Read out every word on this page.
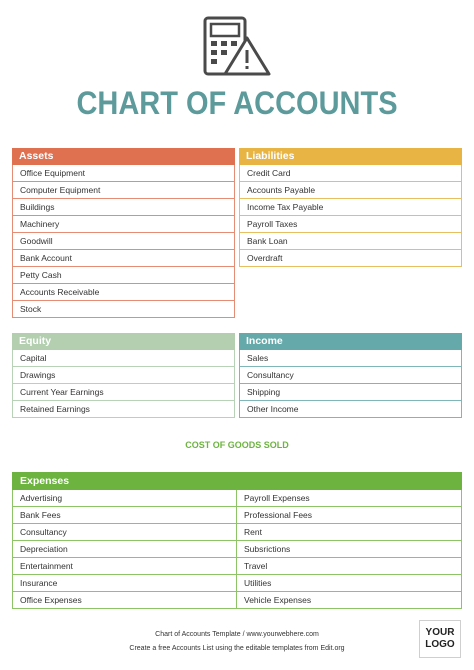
CHART OF ACCOUNTS
Assets
Office Equipment
Computer Equipment
Buildings
Machinery
Goodwill
Bank Account
Petty Cash
Accounts Receivable
Stock
Liabilities
Credit Card
Accounts Payable
Income Tax Payable
Payroll Taxes
Bank Loan
Overdraft
Equity
Capital
Drawings
Current Year Earnings
Retained Earnings
Income
Sales
Consultancy
Shipping
Other Income
COST OF GOODS SOLD
Expenses
Advertising
Bank Fees
Consultancy
Depreciation
Entertainment
Insurance
Office Expenses
Payroll Expenses
Professional Fees
Rent
Subsrictions
Travel
Utilities
Vehicle Expenses
Chart of Accounts Template / www.yourwebhere.com
Create a free Accounts List using the editable templates from Edit.org
YOUR
LOGO
